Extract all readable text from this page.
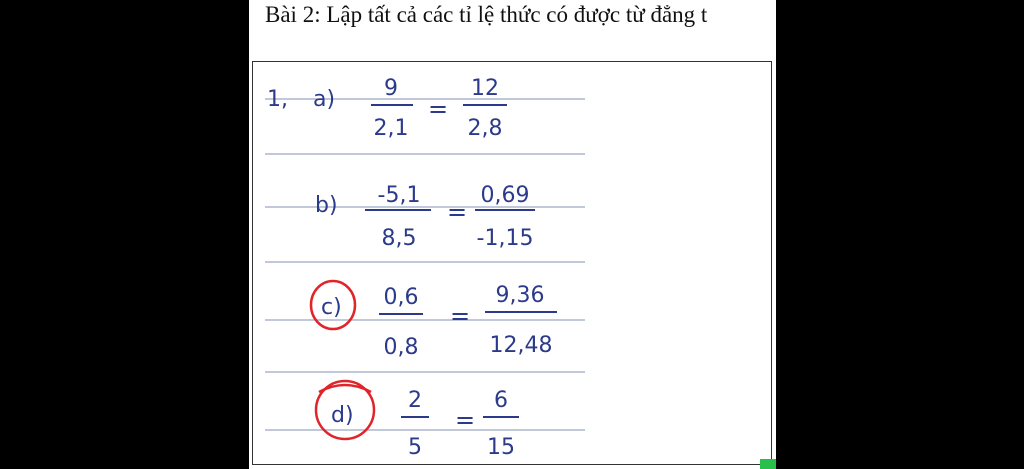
Bài 2: Lập tất cả các tỉ lệ thức có được từ đẳng t
1, a) 9
2,1
=
12
2,8
b) -5,1
8,5
=
0,69
-1,15
c) 0,6
0,8
=
9,36
12,48
d)
2
5
=
6
15
